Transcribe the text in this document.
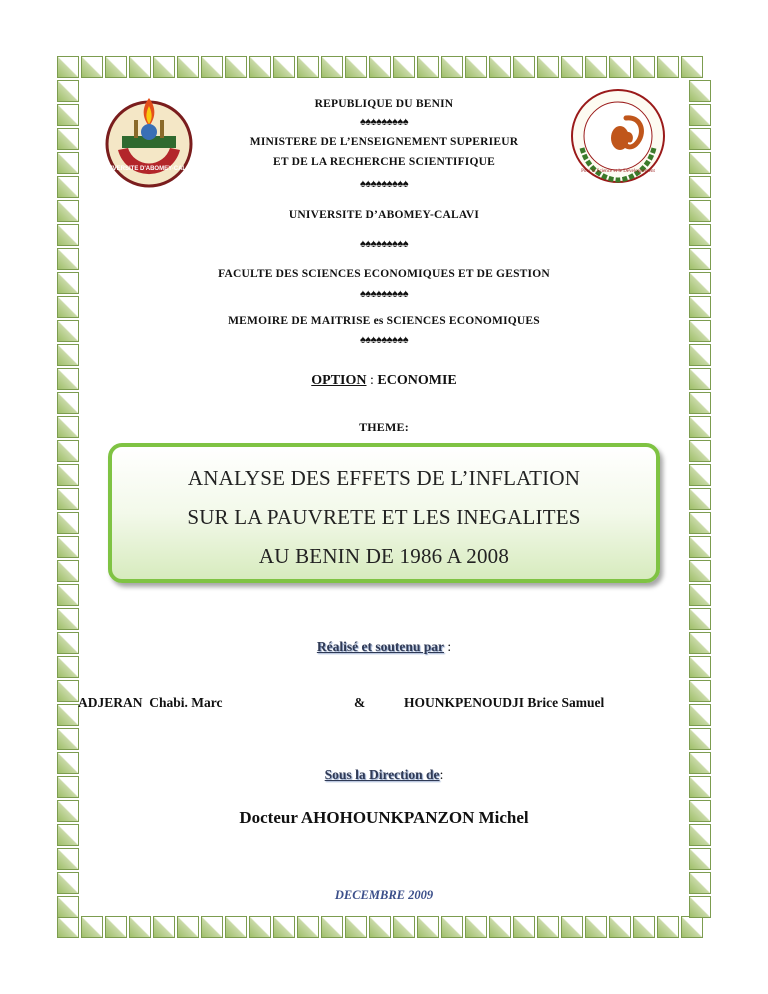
UNIVERSITE D'ABOMEY-CALAVI	Pour la Science et le Développement
REPUBLIQUE DU BENIN
♠♠♠♠♠♠♠♠♠
MINISTERE DE L’ENSEIGNEMENT SUPERIEUR
ET DE LA RECHERCHE SCIENTIFIQUE
♠♠♠♠♠♠♠♠♠
UNIVERSITE D’ABOMEY-CALAVI
♠♠♠♠♠♠♠♠♠
FACULTE DES SCIENCES ECONOMIQUES ET DE GESTION
♠♠♠♠♠♠♠♠♠
MEMOIRE DE MAITRISE es SCIENCES ECONOMIQUES
♠♠♠♠♠♠♠♠♠
OPTION : ECONOMIE
THEME:
ANALYSE DES EFFETS DE L’INFLATION
SUR LA PAUVRETE ET LES INEGALITES
AU BENIN DE 1986 A 2008
Réalisé et soutenu par :
ADJERAN Chabi. Marc	&	HOUNKPENOUDJI Brice Samuel
Sous la Direction de:
Docteur AHOHOUNKPANZON Michel
DECEMBRE 2009
